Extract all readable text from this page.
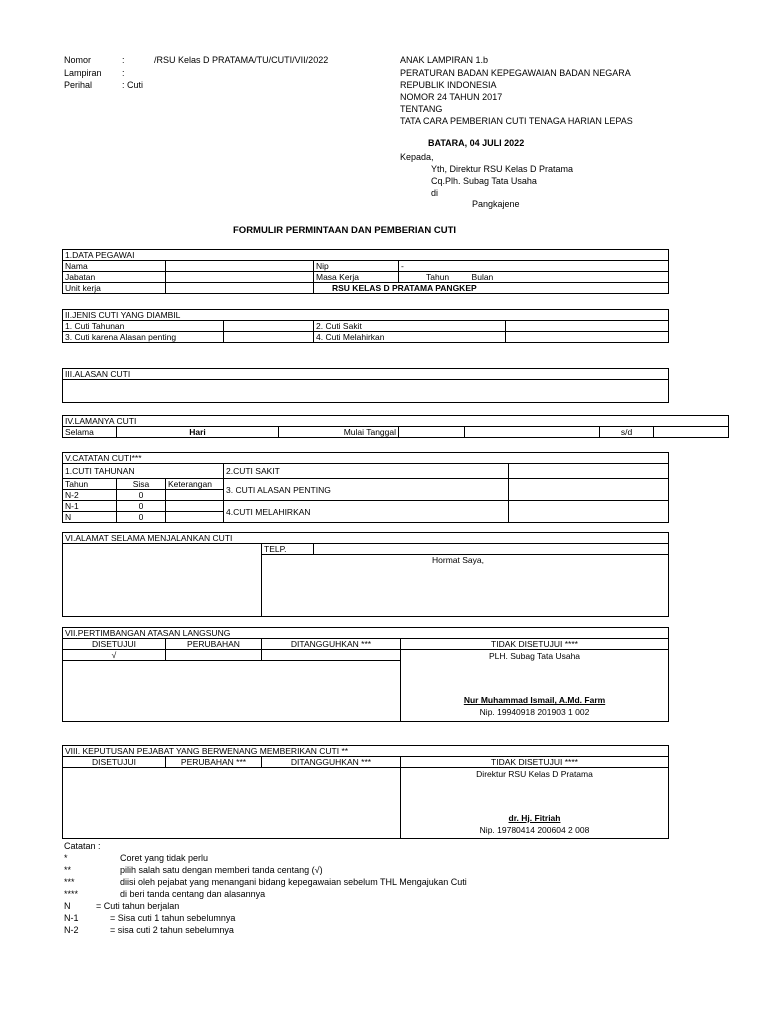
Nomor	:	/RSU Kelas D PRATAMA/TU/CUTI/VII/2022
Lampiran :
Perihal	: Cuti
ANAK LAMPIRAN 1.b
PERATURAN BADAN KEPEGAWAIAN BADAN NEGARA
REPUBLIK INDONESIA
NOMOR 24 TAHUN 2017
TENTANG
TATA CARA PEMBERIAN CUTI TENAGA HARIAN LEPAS
BATARA, 04 JULI 2022
Kepada,
Yth, Direktur RSU Kelas D Pratama
Cq.Plh. Subag Tata Usaha
di
Pangkajene
FORMULIR PERMINTAAN DAN PEMBERIAN CUTI
1.DATA PEGAWAI			
Nama		Nip	-
Jabatan		Masa Kerja	Tahun Bulan
Unit kerja		RSU KELAS D PRATAMA PANGKEP	
II.JENIS CUTI YANG DIAMBIL			
1. Cuti Tahunan		2. Cuti Sakit	
3. Cuti karena Alasan penting		4. Cuti Melahirkan	
III.ALASAN CUTI

IV.LAMANYA CUTI
Selama	Hari	Mulai Tanggal			s/d	
V.CATATAN CUTI***				
1.CUTI TAHUNAN			2.CUTI SAKIT	
Tahun	Sisa	Keterangan	3. CUTI ALASAN PENTING	
N-2	0			
N-1	0		4.CUTI MELAHIRKAN	
N	0			
VI.ALAMAT SELAMA MENJALANKAN CUTI
	TELP.	
Hormat Saya,
VII.PERTIMBANGAN ATASAN LANGSUNG			
DISETUJUI	PERUBAHAN	DITANGGUHKAN ***	TIDAK DISETUJUI ****
√			PLH. Subag Tata Usaha
Nur Muhammad Ismail, A.Md. Farm
Nip. 19940918 201903 1 002

VIII. KEPUTUSAN PEJABAT YANG BERWENANG MEMBERIKAN CUTI **			
DISETUJUI	PERUBAHAN ***	DITANGGUHKAN ***	TIDAK DISETUJUI ****

			Direktur RSU Kelas D Pratama
dr. Hj. Fitriah
Nip. 19780414 200604 2 008
Catatan :
*	Coret yang tidak perlu
**	pilih salah satu dengan memberi tanda centang (√)
***	diisi oleh pejabat yang menangani bidang kepegawaian sebelum THL Mengajukan Cuti
****	di beri tanda centang dan alasannya
N	= Cuti tahun berjalan
N-1	= Sisa cuti 1 tahun sebelumnya
N-2	= sisa cuti 2 tahun sebelumnya
